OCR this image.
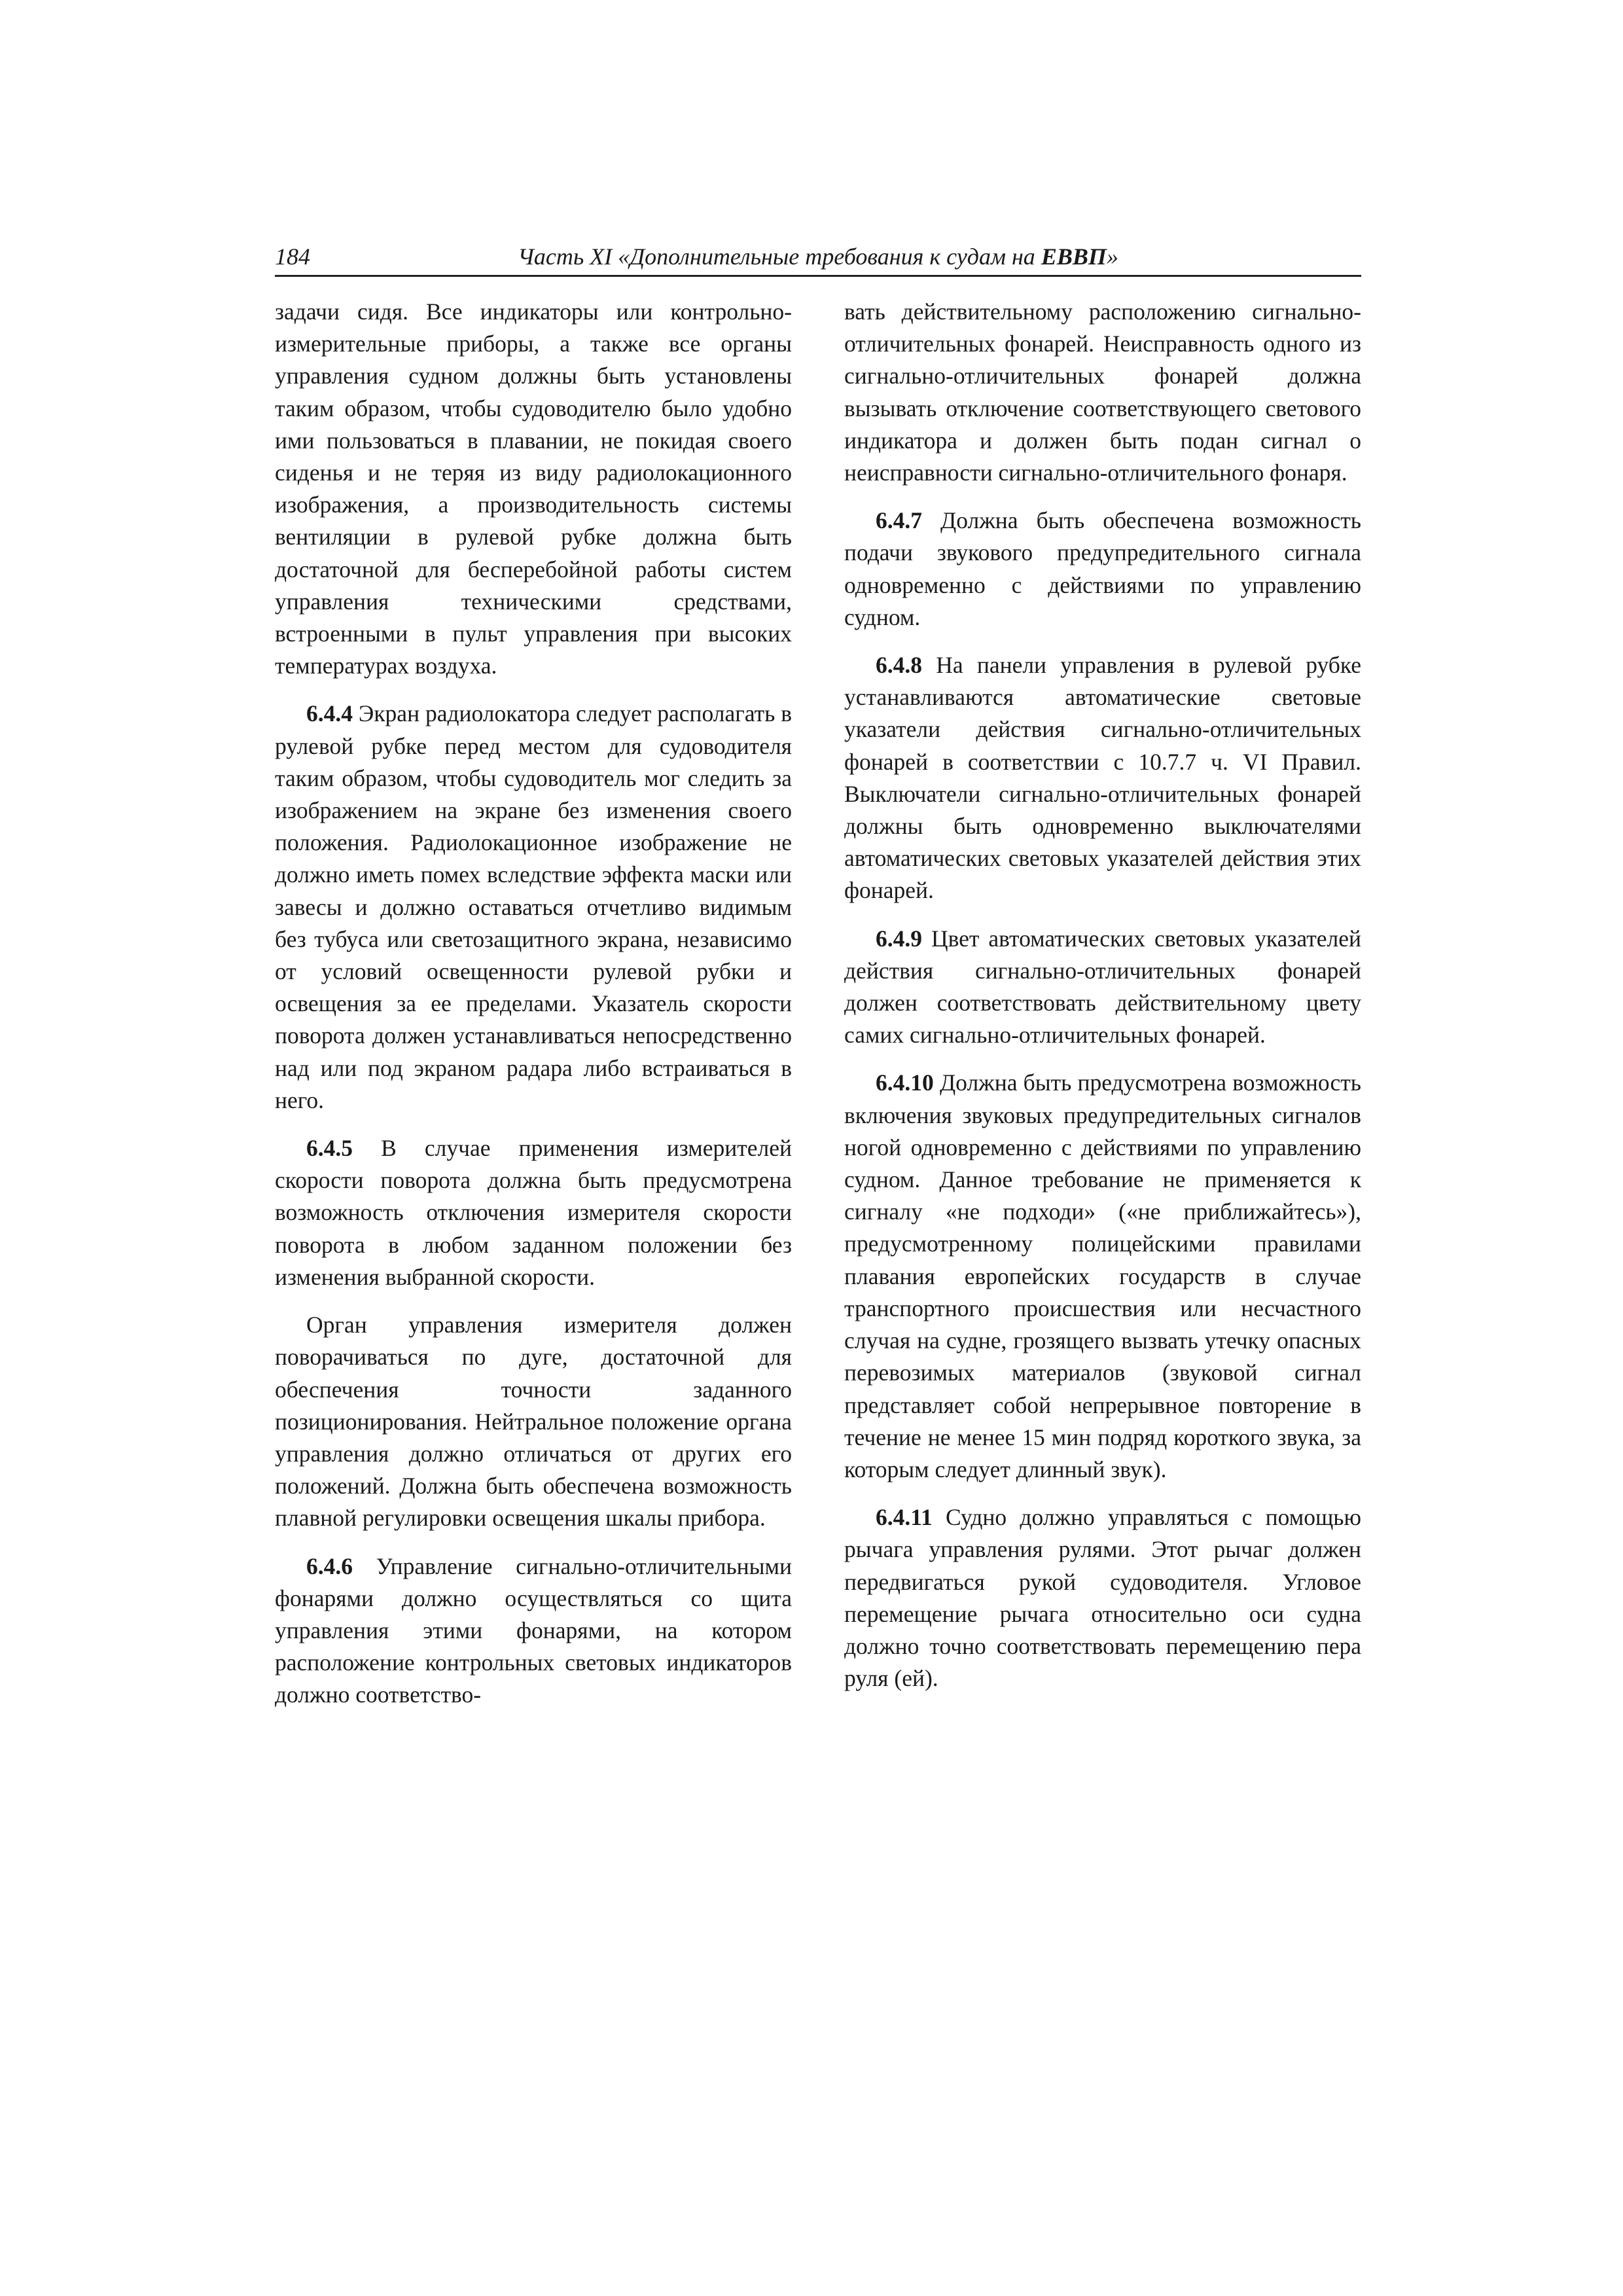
184	Часть XI «Дополнительные требования к судам на ЕВВП»

задачи сидя. Все индикаторы или контрольно-измерительные приборы, а также все органы управления судном должны быть установлены таким образом, чтобы судоводителю было удобно ими пользоваться в плавании, не покидая своего сиденья и не теряя из виду радиолокационного изображения, а производительность системы вентиляции в рулевой рубке должна быть достаточной для бесперебойной работы систем управления техническими средствами, встроенными в пульт управления при высоких температурах воздуха.

6.4.4 Экран радиолокатора следует располагать в рулевой рубке перед местом для судоводителя таким образом, чтобы судоводитель мог следить за изображением на экране без изменения своего положения. Радиолокационное изображение не должно иметь помех вследствие эффекта маски или завесы и должно оставаться отчетливо видимым без тубуса или светозащитного экрана, независимо от условий освещенности рулевой рубки и освещения за ее пределами. Указатель скорости поворота должен устанавливаться непосредственно над или под экраном радара либо встраиваться в него.

6.4.5 В случае применения измерителей скорости поворота должна быть предусмотрена возможность отключения измерителя скорости поворота в любом заданном положении без изменения выбранной скорости.

Орган управления измерителя должен поворачиваться по дуге, достаточной для обеспечения точности заданного позиционирования. Нейтральное положение органа управления должно отличаться от других его положений. Должна быть обеспечена возможность плавной регулировки освещения шкалы прибора.

6.4.6 Управление сигнально-отличительными фонарями должно осуществляться со щита управления этими фонарями, на котором расположение контрольных световых индикаторов должно соответство-

вать действительному расположению сигнально-отличительных фонарей. Неисправность одного из сигнально-отличительных фонарей должна вызывать отключение соответствующего светового индикатора и должен быть подан сигнал о неисправности сигнально-отличительного фонаря.

6.4.7 Должна быть обеспечена возможность подачи звукового предупредительного сигнала одновременно с действиями по управлению судном.

6.4.8 На панели управления в рулевой рубке устанавливаются автоматические световые указатели действия сигнально-отличительных фонарей в соответствии с 10.7.7 ч. VI Правил. Выключатели сигнально-отличительных фонарей должны быть одновременно выключателями автоматических световых указателей действия этих фонарей.

6.4.9 Цвет автоматических световых указателей действия сигнально-отличительных фонарей должен соответствовать действительному цвету самих сигнально-отличительных фонарей.

6.4.10 Должна быть предусмотрена возможность включения звуковых предупредительных сигналов ногой одновременно с действиями по управлению судном. Данное требование не применяется к сигналу «не подходи» («не приближайтесь»), предусмотренному полицейскими правилами плавания европейских государств в случае транспортного происшествия или несчастного случая на судне, грозящего вызвать утечку опасных перевозимых материалов (звуковой сигнал представляет собой непрерывное повторение в течение не менее 15 мин подряд короткого звука, за которым следует длинный звук).

6.4.11 Судно должно управляться с помощью рычага управления рулями. Этот рычаг должен передвигаться рукой судоводителя. Угловое перемещение рычага относительно оси судна должно точно соответствовать перемещению пера руля (ей).
